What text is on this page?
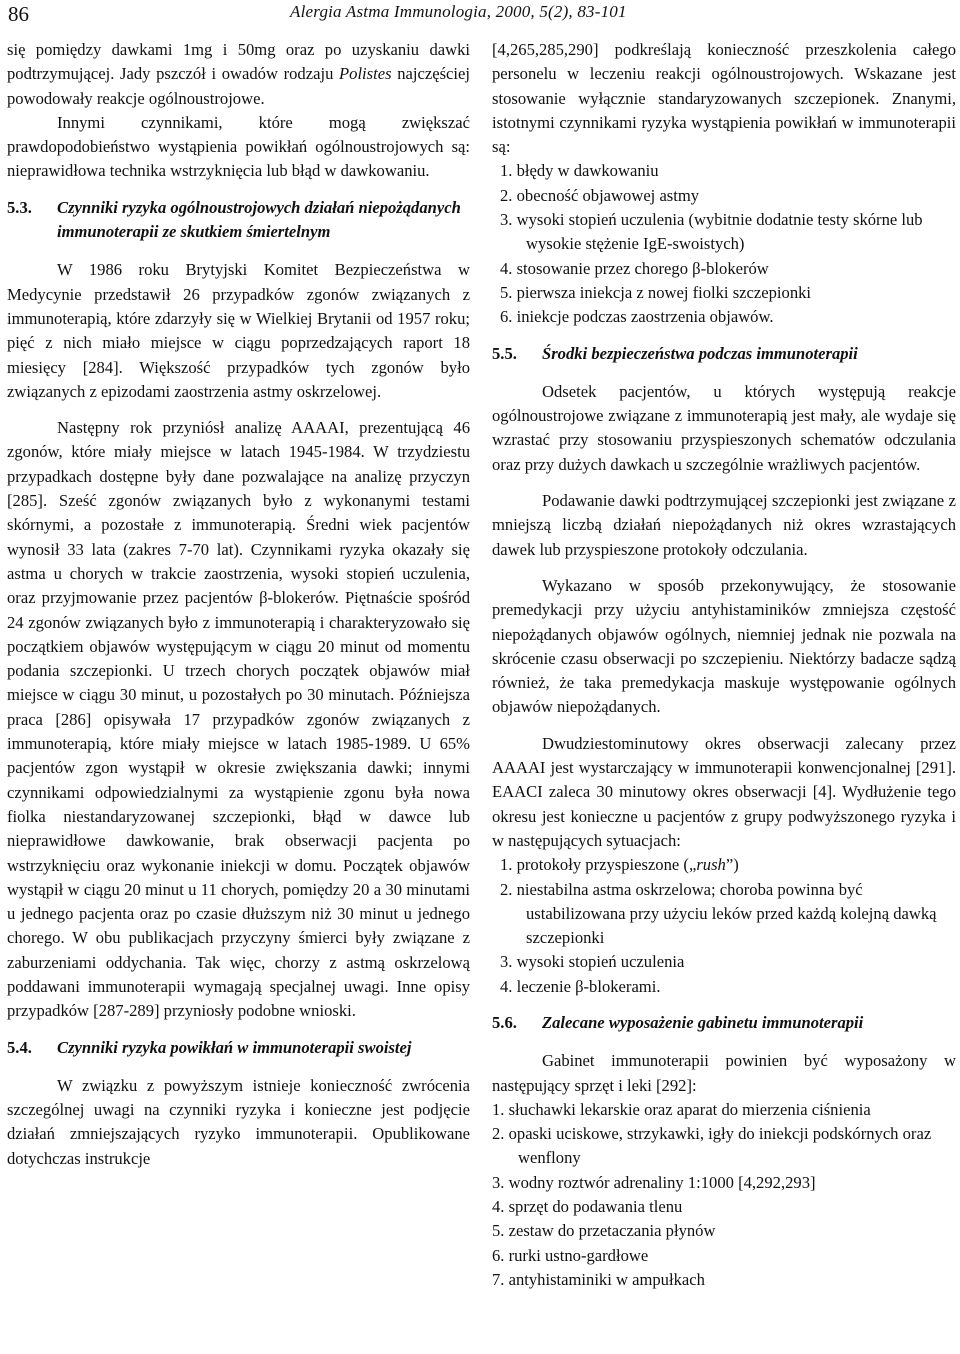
86	Alergia Astma Immunologia, 2000, 5(2), 83-101

się pomiędzy dawkami 1mg i 50mg oraz po uzyskaniu dawki podtrzymującej. Jady pszczół i owadów rodzaju Polistes najczęściej powodowały reakcje ogólnoustrojowe.

Innymi czynnikami, które mogą zwiększać prawdopodobieństwo wystąpienia powikłań ogólnoustrojowych są: nieprawidłowa technika wstrzyknięcia lub błąd w dawkowaniu.

5.3. Czynniki ryzyka ogólnoustrojowych działań niepożądanych immunoterapii ze skutkiem śmiertelnym

W 1986 roku Brytyjski Komitet Bezpieczeństwa w Medycynie przedstawił 26 przypadków zgonów związanych z immunoterapią, które zdarzyły się w Wielkiej Brytanii od 1957 roku; pięć z nich miało miejsce w ciągu poprzedzających raport 18 miesięcy [284]. Większość przypadków tych zgonów było związanych z epizodami zaostrzenia astmy oskrzelowej.

Następny rok przyniósł analizę AAAAI, prezentującą 46 zgonów, które miały miejsce w latach 1945-1984. W trzydziestu przypadkach dostępne były dane pozwalające na analizę przyczyn [285]. Sześć zgonów związanych było z wykonanymi testami skórnymi, a pozostałe z immunoterapią. Średni wiek pacjentów wynosił 33 lata (zakres 7-70 lat). Czynnikami ryzyka okazały się astma u chorych w trakcie zaostrzenia, wysoki stopień uczulenia, oraz przyjmowanie przez pacjentów β-blokerów. Piętnaście spośród 24 zgonów związanych było z immunoterapią i charakteryzowało się początkiem objawów występującym w ciągu 20 minut od momentu podania szczepionki. U trzech chorych początek objawów miał miejsce w ciągu 30 minut, u pozostałych po 30 minutach. Późniejsza praca [286] opisywała 17 przypadków zgonów związanych z immunoterapią, które miały miejsce w latach 1985-1989. U 65% pacjentów zgon wystąpił w okresie zwiększania dawki; innymi czynnikami odpowiedzialnymi za wystąpienie zgonu była nowa fiolka niestandaryzowanej szczepionki, błąd w dawce lub nieprawidłowe dawkowanie, brak obserwacji pacjenta po wstrzyknięciu oraz wykonanie iniekcji w domu. Początek objawów wystąpił w ciągu 20 minut u 11 chorych, pomiędzy 20 a 30 minutami u jednego pacjenta oraz po czasie dłuższym niż 30 minut u jednego chorego. W obu publikacjach przyczyny śmierci były związane z zaburzeniami oddychania. Tak więc, chorzy z astmą oskrzelową poddawani immunoterapii wymagają specjalnej uwagi. Inne opisy przypadków [287-289] przyniosły podobne wnioski.

5.4. Czynniki ryzyka powikłań w immunoterapii swoistej

W związku z powyższym istnieje konieczność zwrócenia szczególnej uwagi na czynniki ryzyka i konieczne jest podjęcie działań zmniejszających ryzyko immunoterapii. Opublikowane dotychczas instrukcje

[4,265,285,290] podkreślają konieczność przeszkolenia całego personelu w leczeniu reakcji ogólnoustrojowych. Wskazane jest stosowanie wyłącznie standaryzowanych szczepionek. Znanymi, istotnymi czynnikami ryzyka wystąpienia powikłań w immunoterapii są:

1. błędy w dawkowaniu
2. obecność objawowej astmy
3. wysoki stopień uczulenia (wybitnie dodatnie testy skórne lub wysokie stężenie IgE-swoistych)
4. stosowanie przez chorego β-blokerów
5. pierwsza iniekcja z nowej fiolki szczepionki
6. iniekcje podczas zaostrzenia objawów.
5.5. Środki bezpieczeństwa podczas immunoterapii

Odsetek pacjentów, u których występują reakcje ogólnoustrojowe związane z immunoterapią jest mały, ale wydaje się wzrastać przy stosowaniu przyspieszonych schematów odczulania oraz przy dużych dawkach u szczególnie wrażliwych pacjentów.

Podawanie dawki podtrzymującej szczepionki jest związane z mniejszą liczbą działań niepożądanych niż okres wzrastających dawek lub przyspieszone protokoły odczulania.

Wykazano w sposób przekonywujący, że stosowanie premedykacji przy użyciu antyhistaminików zmniejsza częstość niepożądanych objawów ogólnych, niemniej jednak nie pozwala na skrócenie czasu obserwacji po szczepieniu. Niektórzy badacze sądzą również, że taka premedykacja maskuje występowanie ogólnych objawów niepożądanych.

Dwudziestominutowy okres obserwacji zalecany przez AAAAI jest wystarczający w immunoterapii konwencjonalnej [291]. EAACI zaleca 30 minutowy okres obserwacji [4]. Wydłużenie tego okresu jest konieczne u pacjentów z grupy podwyższonego ryzyka i w następujących sytuacjach:

1. protokoły przyspieszone („rush”)
2. niestabilna astma oskrzelowa; choroba powinna być ustabilizowana przy użyciu leków przed każdą kolejną dawką szczepionki
3. wysoki stopień uczulenia
4. leczenie β-blokerami.
5.6. Zalecane wyposażenie gabinetu immunoterapii

Gabinet immunoterapii powinien być wyposażony w następujący sprzęt i leki [292]:

1. słuchawki lekarskie oraz aparat do mierzenia ciśnienia
2. opaski uciskowe, strzykawki, igły do iniekcji podskórnych oraz wenflony
3. wodny roztwór adrenaliny 1:1000 [4,292,293]
4. sprzęt do podawania tlenu
5. zestaw do przetaczania płynów
6. rurki ustno-gardłowe
7. antyhistaminiki w ampułkach
